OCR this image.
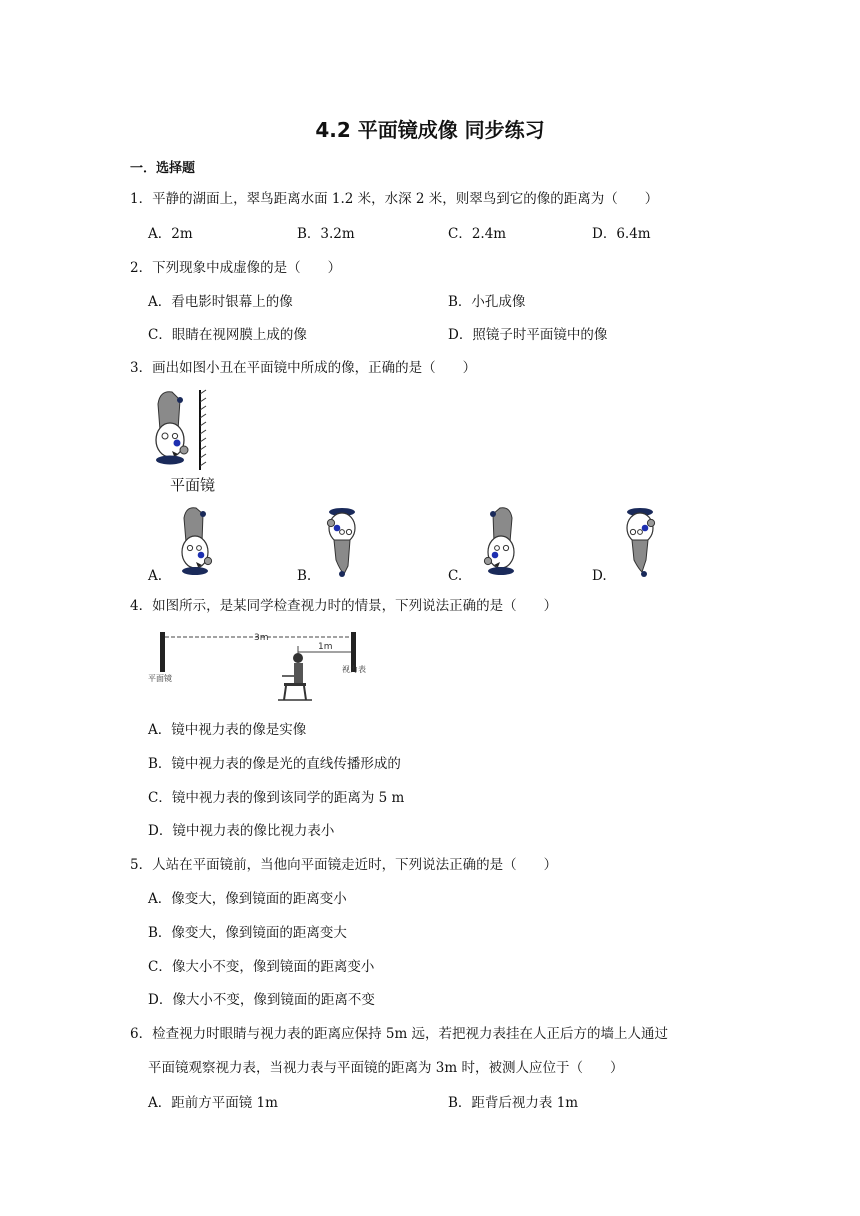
4.2 平面镜成像 同步练习
一．选择题
1．平静的湖面上，翠鸟距离水面 1.2 米，水深 2 米，则翠鸟到它的像的距离为（　　）
A．2m	B．3.2m	C．2.4m	D．6.4m
2．下列现象中成虚像的是（　　）
A．看电影时银幕上的像	B．小孔成像
C．眼睛在视网膜上成的像	D．照镜子时平面镜中的像
3．画出如图小丑在平面镜中所成的像，正确的是（　　）
平面镜
A.	B.	C.	D.
4．如图所示，是某同学检查视力时的情景，下列说法正确的是（　　）
3m
1m
平面镜
视力表
A．镜中视力表的像是实像
B．镜中视力表的像是光的直线传播形成的
C．镜中视力表的像到该同学的距离为 5 m
D．镜中视力表的像比视力表小
5．人站在平面镜前，当他向平面镜走近时，下列说法正确的是（　　）
A．像变大，像到镜面的距离变小
B．像变大，像到镜面的距离变大
C．像大小不变，像到镜面的距离变小
D．像大小不变，像到镜面的距离不变
6．检查视力时眼睛与视力表的距离应保持 5m 远，若把视力表挂在人正后方的墙上人通过
平面镜观察视力表，当视力表与平面镜的距离为 3m 时，被测人应位于（　　）
A．距前方平面镜 1m	B．距背后视力表 1m
